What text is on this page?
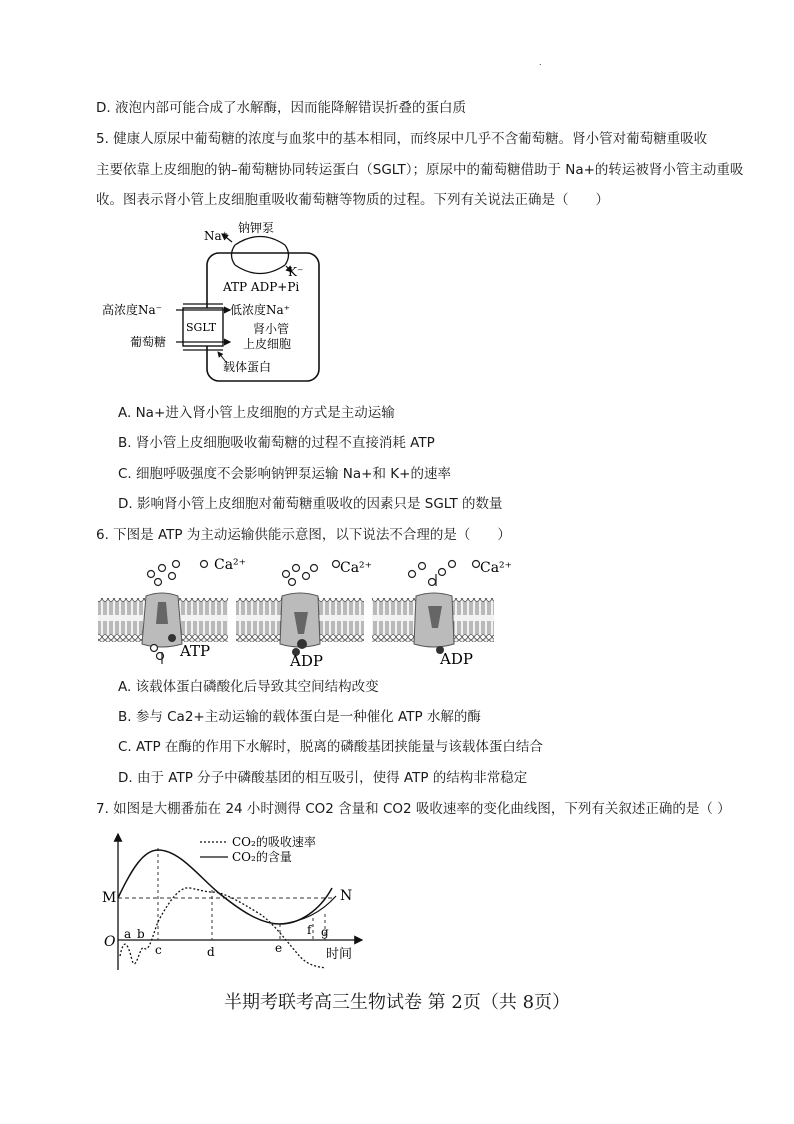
.
D. 液泡内部可能合成了水解酶，因而能降解错误折叠的蛋白质
5. 健康人原尿中葡萄糖的浓度与血浆中的基本相同，而终尿中几乎不含葡萄糖。肾小管对葡萄糖重吸收
主要依靠上皮细胞的钠–葡萄糖协同转运蛋白（SGLT）；原尿中的葡萄糖借助于 Na+的转运被肾小管主动重吸
收。图表示肾小管上皮细胞重吸收葡萄糖等物质的过程。下列有关说法正确是（　　）
Na⁺
钠钾泵
K⁻
ATP ADP+Pi
高浓度Na⁻	低浓度Na⁺
SGLT
葡萄糖
肾小管
上皮细胞
载体蛋白
A. Na+进入肾小管上皮细胞的方式是主动运输
B. 肾小管上皮细胞吸收葡萄糖的过程不直接消耗 ATP
C. 细胞呼吸强度不会影响钠钾泵运输 Na+和 K+的速率
D. 影响肾小管上皮细胞对葡萄糖重吸收的因素只是 SGLT 的数量
6. 下图是 ATP 为主动运输供能示意图，以下说法不合理的是（　　）
Ca²⁺	Ca²⁺	Ca²⁺
ATP
ADP	ADP
A. 该载体蛋白磷酸化后导致其空间结构改变
B. 参与 Ca2+主动运输的载体蛋白是一种催化 ATP 水解的酶
C. ATP 在酶的作用下水解时，脱离的磷酸基团挟能量与该载体蛋白结合
D. 由于 ATP 分子中磷酸基团的相互吸引，使得 ATP 的结构非常稳定
7. 如图是大棚番茄在 24 小时测得 CO2 含量和 CO2 吸收速率的变化曲线图，下列有关叙述正确的是（ ）
CO₂的吸收速率
CO₂的含量
M	N
O a b
c	d	e
f g
时间
半期考联考高三生物试卷 第 2页（共 8页）
